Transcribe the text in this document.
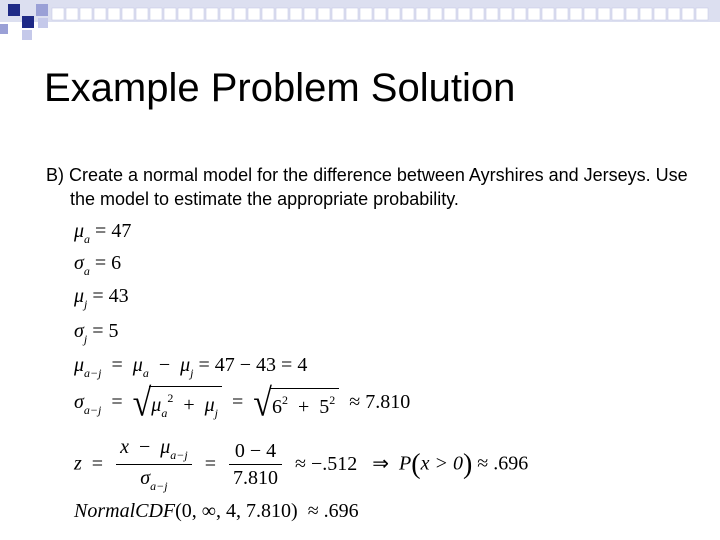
Example Problem Solution
B) Create a normal model for the difference between Ayrshires and Jerseys. Use the model to estimate the appropriate probability.
$\mu_a = 47$
$\sigma_a = 6$
$\mu_j = 43$
$\sigma_j = 5$
$\mu_{a-j} = \mu_a - \mu_j = 47 - 43 = 4$
$\sigma_{a-j} = √\mu_a^2 + \mu_j = √6^2 + 5^2 \approx 7.810$
$z = \frac{x - \mu_{a-j}}{\sigma_{a-j}} = \frac{0 - 4}{7.810} \approx -.512$ ⇒ P(x > 0) ≈ .696
NormalCDF(0, ∞, 4, 7.810) ≈ .696
